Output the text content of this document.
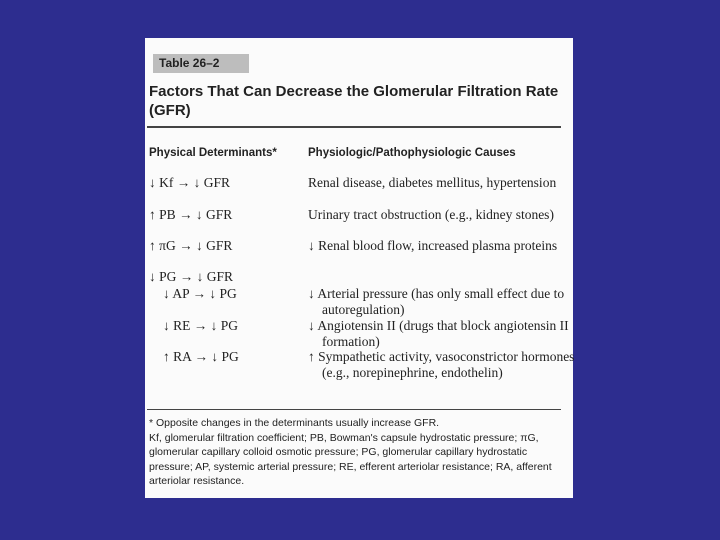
Table 26–2
Factors That Can Decrease the Glomerular Filtration Rate (GFR)
Physical Determinants*	Physiologic/Pathophysiologic Causes
↓ Kf → ↓ GFR	Renal disease, diabetes mellitus, hypertension
↑ PB → ↓ GFR	Urinary tract obstruction (e.g., kidney stones)
↑ πG → ↓ GFR	↓ Renal blood flow, increased plasma proteins
↓ PG → ↓ GFR
↓ AP → ↓ PG	↓ Arterial pressure (has only small effect due to autoregulation)
↓ RE → ↓ PG	↓ Angiotensin II (drugs that block angiotensin II formation)
↑ RA → ↓ PG	↑ Sympathetic activity, vasoconstrictor hormones (e.g., norepinephrine, endothelin)
* Opposite changes in the determinants usually increase GFR.
Kf, glomerular filtration coefficient; PB, Bowman's capsule hydrostatic pressure; πG, glomerular capillary colloid osmotic pressure; PG, glomerular capillary hydrostatic pressure; AP, systemic arterial pressure; RE, efferent arteriolar resistance; RA, afferent arteriolar resistance.
